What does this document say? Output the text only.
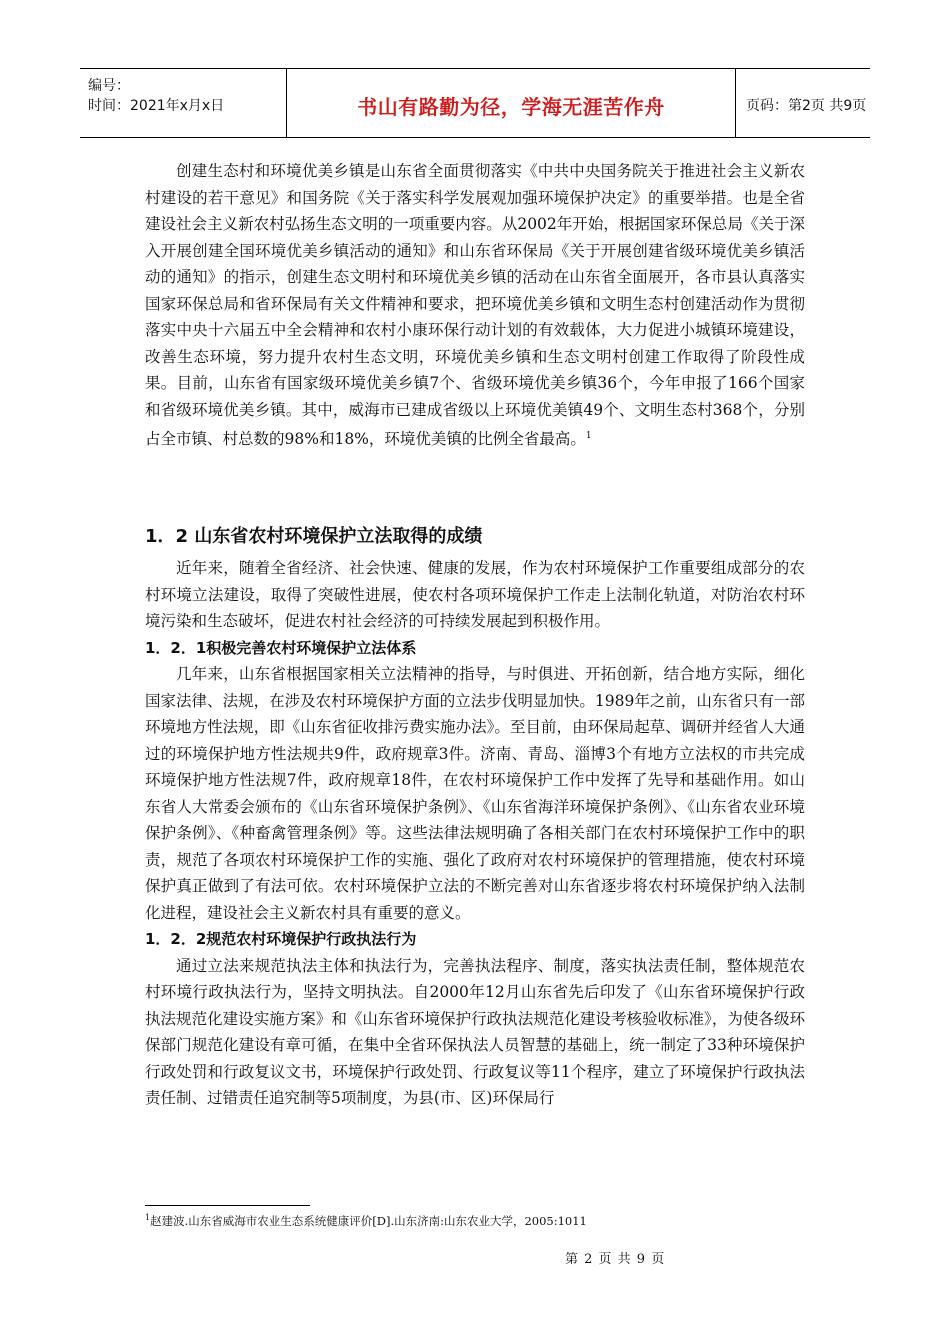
编号：
时间：2021年x月x日	书山有路勤为径，学海无涯苦作舟	页码：第2页 共9页

创建生态村和环境优美乡镇是山东省全面贯彻落实《中共中央国务院关于推进社会主义新农村建设的若干意见》和国务院《关于落实科学发展观加强环境保护决定》的重要举措。也是全省建设社会主义新农村弘扬生态文明的一项重要内容。从2002年开始，根据国家环保总局《关于深入开展创建全国环境优美乡镇活动的通知》和山东省环保局《关于开展创建省级环境优美乡镇活动的通知》的指示，创建生态文明村和环境优美乡镇的活动在山东省全面展开，各市县认真落实国家环保总局和省环保局有关文件精神和要求，把环境优美乡镇和文明生态村创建活动作为贯彻落实中央十六届五中全会精神和农村小康环保行动计划的有效载体，大力促进小城镇环境建设，改善生态环境，努力提升农村生态文明，环境优美乡镇和生态文明村创建工作取得了阶段性成果。目前，山东省有国家级环境优美乡镇7个、省级环境优美乡镇36个，今年申报了166个国家和省级环境优美乡镇。其中，威海市已建成省级以上环境优美镇49个、文明生态村368个，分别占全市镇、村总数的98%和18%，环境优美镇的比例全省最高。$^1$

1．2 山东省农村环境保护立法取得的成绩

近年来，随着全省经济、社会快速、健康的发展，作为农村环境保护工作重要组成部分的农村环境立法建设，取得了突破性进展，使农村各项环境保护工作走上法制化轨道，对防治农村环境污染和生态破坏，促进农村社会经济的可持续发展起到积极作用。

1．2．1积极完善农村环境保护立法体系

几年来，山东省根据国家相关立法精神的指导，与时俱进、开拓创新，结合地方实际，细化国家法律、法规，在涉及农村环境保护方面的立法步伐明显加快。1989年之前，山东省只有一部环境地方性法规，即《山东省征收排污费实施办法》。至目前，由环保局起草、调研并经省人大通过的环境保护地方性法规共9件，政府规章3件。济南、青岛、淄博3个有地方立法权的市共完成环境保护地方性法规7件，政府规章18件，在农村环境保护工作中发挥了先导和基础作用。如山东省人大常委会颁布的《山东省环境保护条例》、《山东省海洋环境保护条例》、《山东省农业环境保护条例》、《种畜禽管理条例》等。这些法律法规明确了各相关部门在农村环境保护工作中的职责，规范了各项农村环境保护工作的实施、强化了政府对农村环境保护的管理措施，使农村环境保护真正做到了有法可依。农村环境保护立法的不断完善对山东省逐步将农村环境保护纳入法制化进程，建设社会主义新农村具有重要的意义。

1．2．2规范农村环境保护行政执法行为

通过立法来规范执法主体和执法行为，完善执法程序、制度，落实执法责任制，整体规范农村环境行政执法行为，坚持文明执法。自2000年12月山东省先后印发了《山东省环境保护行政执法规范化建设实施方案》和《山东省环境保护行政执法规范化建设考核验收标准》，为使各级环保部门规范化建设有章可循，在集中全省环保执法人员智慧的基础上，统一制定了33种环境保护行政处罚和行政复议文书，环境保护行政处罚、行政复议等11个程序，建立了环境保护行政执法责任制、过错责任追究制等5项制度，为县(市、区)环保局行

$^1$赵建波.山东省威海市农业生态系统健康评价[D].山东济南:山东农业大学，2005:1011
第 2 页 共 9 页
